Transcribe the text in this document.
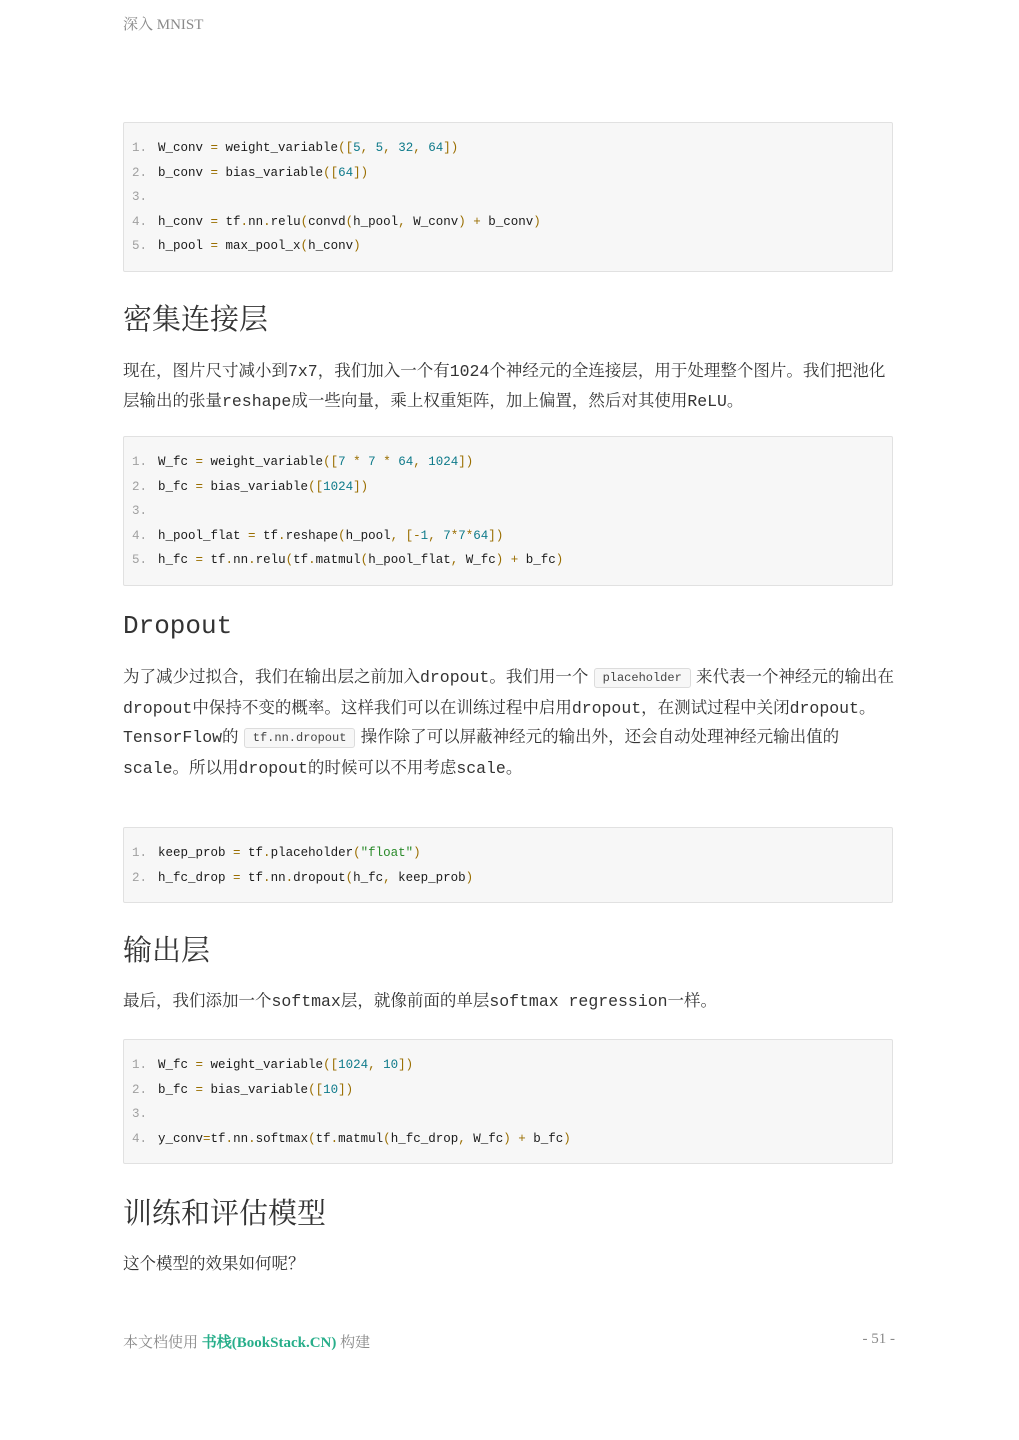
深入 MNIST
1. W_conv = weight_variable([5, 5, 32, 64])
2. b_conv = bias_variable([64])
3.
4. h_conv = tf.nn.relu(convd(h_pool, W_conv) + b_conv)
5. h_pool = max_pool_x(h_conv)
密集连接层

现在，图片尺寸减小到7x7，我们加入一个有1024个神经元的全连接层，用于处理整个图片。我们把池化层输出的张量reshape成一些向量，乘上权重矩阵，加上偏置，然后对其使用ReLU。

1. W_fc = weight_variable([7 * 7 * 64, 1024])
2. b_fc = bias_variable([1024])
3.
4. h_pool_flat = tf.reshape(h_pool, [-1, 7*7*64])
5. h_fc = tf.nn.relu(tf.matmul(h_pool_flat, W_fc) + b_fc)
Dropout

为了减少过拟合，我们在输出层之前加入dropout。我们用一个 placeholder 来代表一个神经元的输出在dropout中保持不变的概率。这样我们可以在训练过程中启用dropout，在测试过程中关闭dropout。
TensorFlow的 tf.nn.dropout 操作除了可以屏蔽神经元的输出外，还会自动处理神经元输出值的scale。所以用dropout的时候可以不用考虑scale。

1. keep_prob = tf.placeholder("float")
2. h_fc_drop = tf.nn.dropout(h_fc, keep_prob)
输出层

最后，我们添加一个softmax层，就像前面的单层softmax regression一样。

1. W_fc = weight_variable([1024, 10])
2. b_fc = bias_variable([10])
3.
4. y_conv=tf.nn.softmax(tf.matmul(h_fc_drop, W_fc) + b_fc)
训练和评估模型

这个模型的效果如何呢？

本文档使用 书栈(BookStack.CN) 构建	- 51 -
